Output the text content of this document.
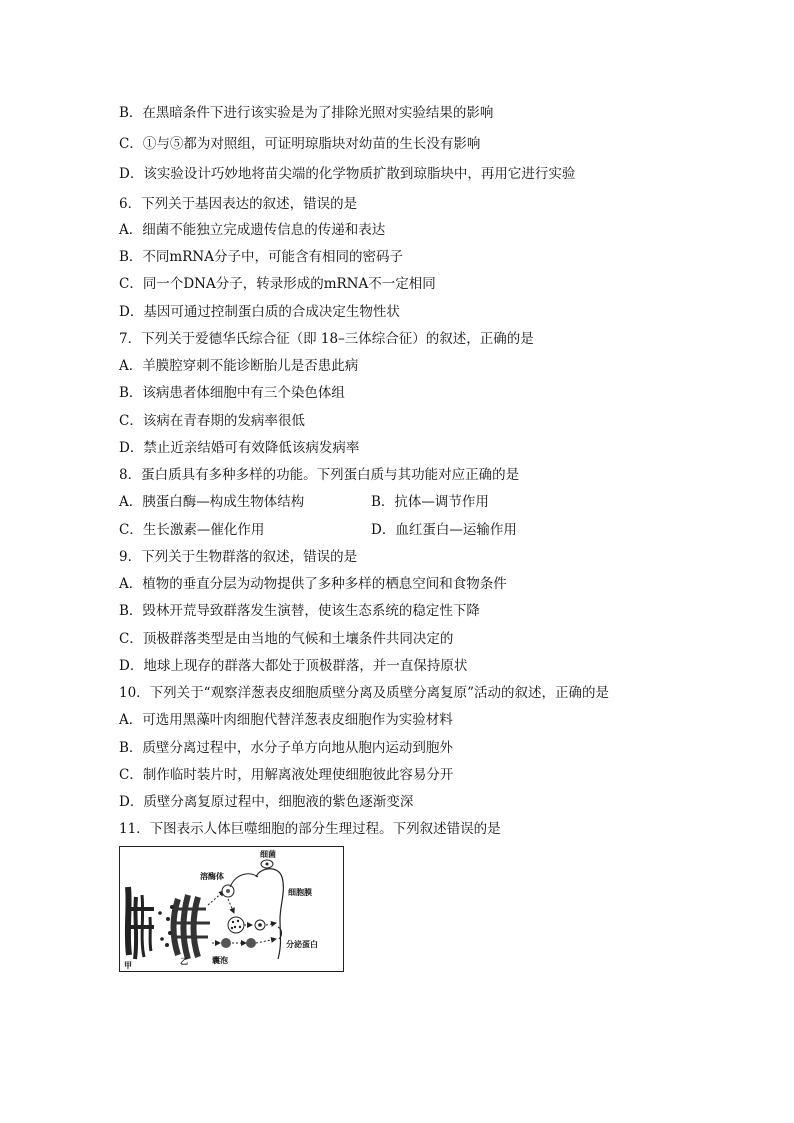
B．在黑暗条件下进行该实验是为了排除光照对实验结果的影响
C．①与⑤都为对照组，可证明琼脂块对幼苗的生长没有影响
D．该实验设计巧妙地将苗尖端的化学物质扩散到琼脂块中，再用它进行实验
6．下列关于基因表达的叙述，错误的是
A．细菌不能独立完成遗传信息的传递和表达
B．不同mRNA分子中，可能含有相同的密码子
C．同一个DNA分子，转录形成的mRNA不一定相同
D．基因可通过控制蛋白质的合成决定生物性状
7．下列关于爱德华氏综合征（即 18–三体综合征）的叙述，正确的是
A．羊膜腔穿刺不能诊断胎儿是否患此病
B．该病患者体细胞中有三个染色体组
C．该病在青春期的发病率很低
D．禁止近亲结婚可有效降低该病发病率
8．蛋白质具有多种多样的功能。下列蛋白质与其功能对应正确的是
A．胰蛋白酶—构成生物体结构	B．抗体—调节作用
C．生长激素—催化作用	D．血红蛋白—运输作用
9．下列关于生物群落的叙述，错误的是
A．植物的垂直分层为动物提供了多种多样的栖息空间和食物条件
B．毁林开荒导致群落发生演替，使该生态系统的稳定性下降
C．顶极群落类型是由当地的气候和土壤条件共同决定的
D．地球上现存的群落大都处于顶极群落，并一直保持原状
10．下列关于“观察洋葱表皮细胞质壁分离及质壁分离复原”活动的叙述，正确的是
A．可选用黑藻叶肉细胞代替洋葱表皮细胞作为实验材料
B．质壁分离过程中，水分子单方向地从胞内运动到胞外
C．制作临时装片时，用解离液处理使细胞彼此容易分开
D．质壁分离复原过程中，细胞液的紫色逐渐变深
11．下图表示人体巨噬细胞的部分生理过程。下列叙述错误的是
细菌
溶酶体
细胞膜
分泌蛋白
囊泡
甲	乙
